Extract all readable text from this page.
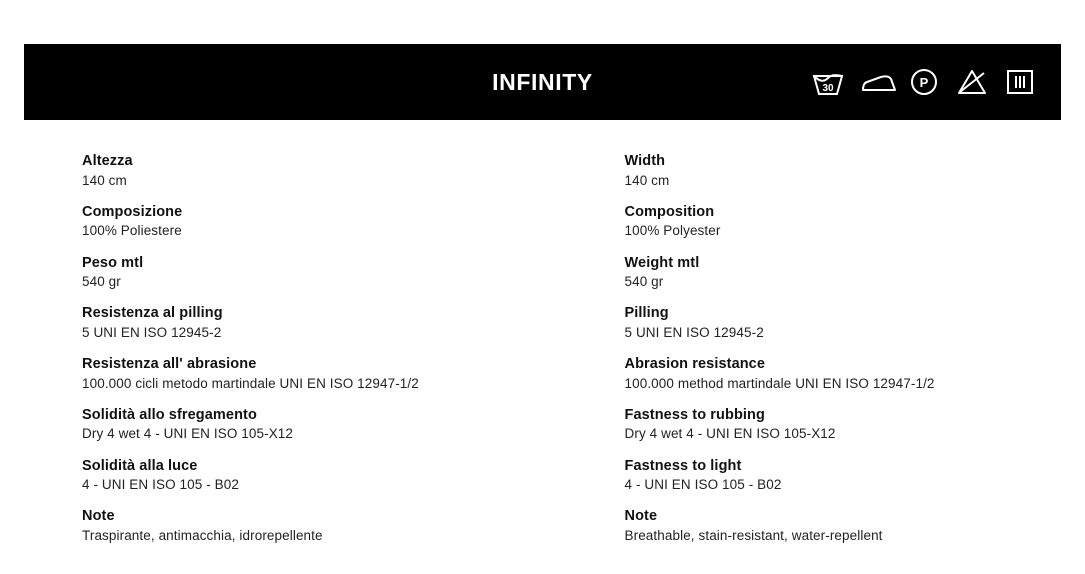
INFINITY	30	P
Altezza
140 cm
Composizione
100% Poliestere
Peso mtl
540 gr
Resistenza al pilling
5 UNI EN ISO 12945-2
Resistenza all' abrasione
100.000 cicli metodo martindale UNI EN ISO 12947-1/2
Solidità allo sfregamento
Dry 4 wet 4 - UNI EN ISO 105-X12
Solidità alla luce
4 - UNI EN ISO 105 - B02
Note
Traspirante, antimacchia, idrorepellente
Width
140 cm
Composition
100% Polyester
Weight mtl
540 gr
Pilling
5 UNI EN ISO 12945-2
Abrasion resistance
100.000 method martindale UNI EN ISO 12947-1/2
Fastness to rubbing
Dry 4 wet 4 - UNI EN ISO 105-X12
Fastness to light
4 - UNI EN ISO 105 - B02
Note
Breathable, stain-resistant, water-repellent
